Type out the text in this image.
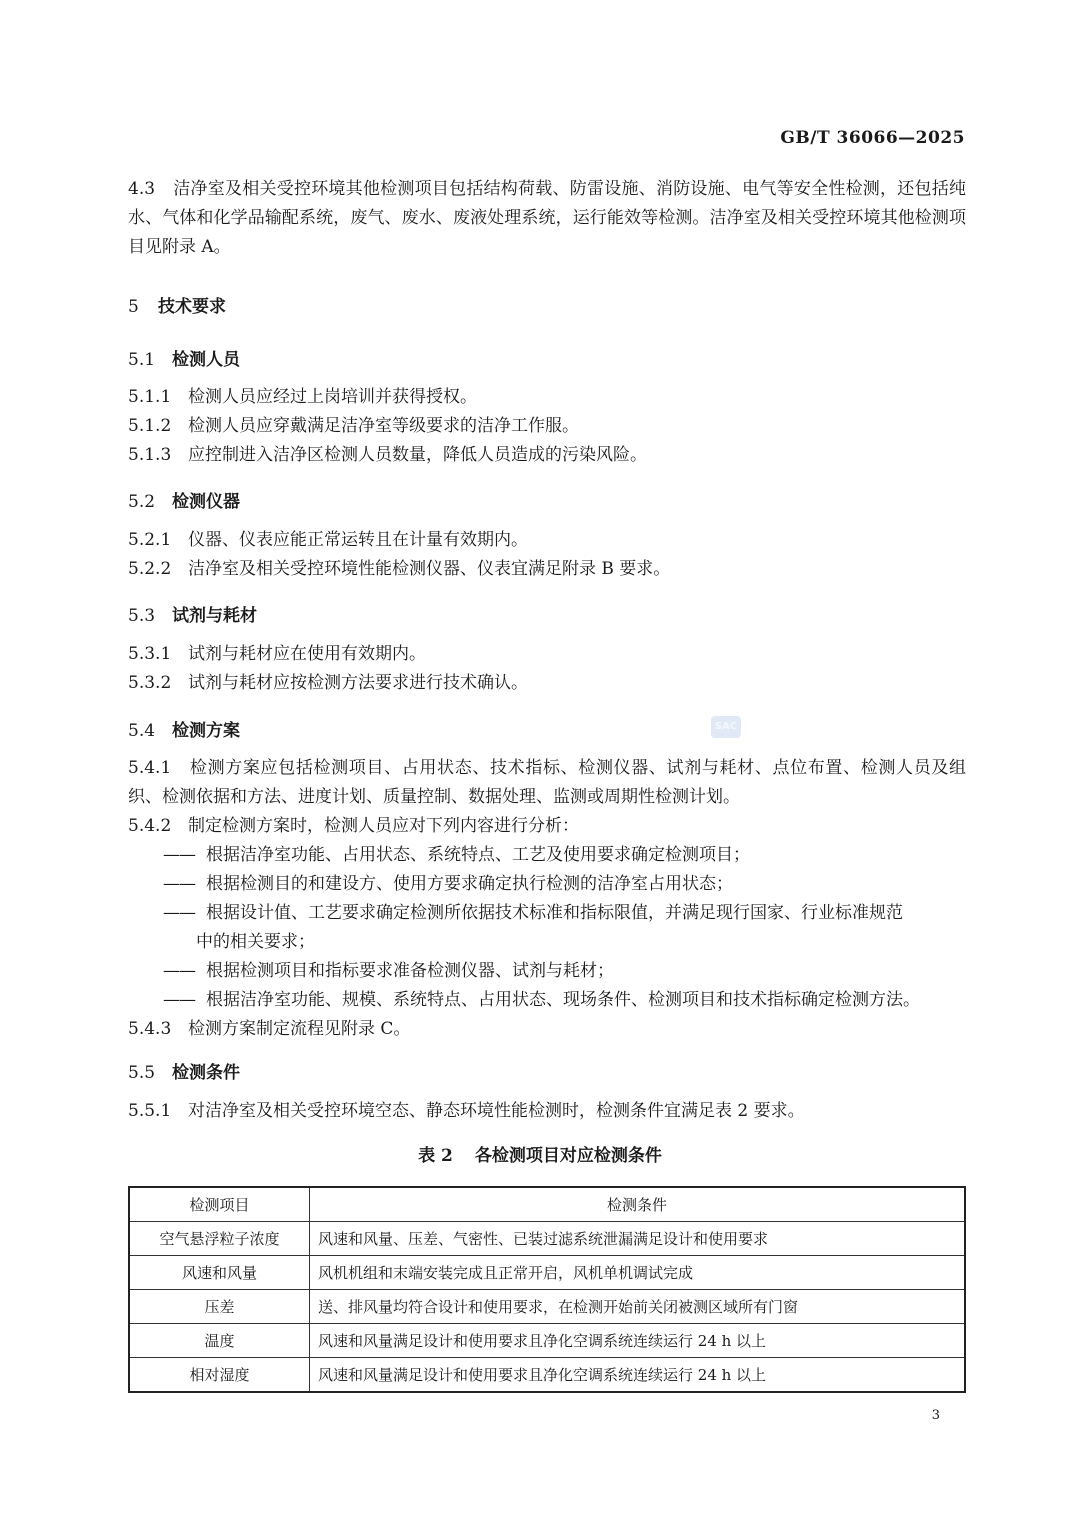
GB/T 36066—2025
4.3 洁净室及相关受控环境其他检测项目包括结构荷载、防雷设施、消防设施、电气等安全性检测，还包括纯水、气体和化学品输配系统，废气、废水、废液处理系统，运行能效等检测。洁净室及相关受控环境其他检测项目见附录 A。
5 技术要求
5.1 检测人员
5.1.1 检测人员应经过上岗培训并获得授权。
5.1.2 检测人员应穿戴满足洁净室等级要求的洁净工作服。
5.1.3 应控制进入洁净区检测人员数量，降低人员造成的污染风险。
5.2 检测仪器
5.2.1 仪器、仪表应能正常运转且在计量有效期内。
5.2.2 洁净室及相关受控环境性能检测仪器、仪表宜满足附录 B 要求。
5.3 试剂与耗材
5.3.1 试剂与耗材应在使用有效期内。
5.3.2 试剂与耗材应按检测方法要求进行技术确认。
5.4 检测方案	SAC
5.4.1 检测方案应包括检测项目、占用状态、技术指标、检测仪器、试剂与耗材、点位布置、检测人员及组织、检测依据和方法、进度计划、质量控制、数据处理、监测或周期性检测计划。
5.4.2 制定检测方案时，检测人员应对下列内容进行分析：
—— 根据洁净室功能、占用状态、系统特点、工艺及使用要求确定检测项目；
—— 根据检测目的和建设方、使用方要求确定执行检测的洁净室占用状态；
—— 根据设计值、工艺要求确定检测所依据技术标准和指标限值，并满足现行国家、行业标准规范
中的相关要求；
—— 根据检测项目和指标要求准备检测仪器、试剂与耗材；
—— 根据洁净室功能、规模、系统特点、占用状态、现场条件、检测项目和技术指标确定检测方法。
5.4.3 检测方案制定流程见附录 C。
5.5 检测条件
5.5.1 对洁净室及相关受控环境空态、静态环境性能检测时，检测条件宜满足表 2 要求。
表 2 各检测项目对应检测条件
检测项目	检测条件
空气悬浮粒子浓度	风速和风量、压差、气密性、已装过滤系统泄漏满足设计和使用要求
风速和风量	风机机组和末端安装完成且正常开启，风机单机调试完成
压差	送、排风量均符合设计和使用要求，在检测开始前关闭被测区域所有门窗
温度	风速和风量满足设计和使用要求且净化空调系统连续运行 24 h 以上
相对湿度	风速和风量满足设计和使用要求且净化空调系统连续运行 24 h 以上
3
